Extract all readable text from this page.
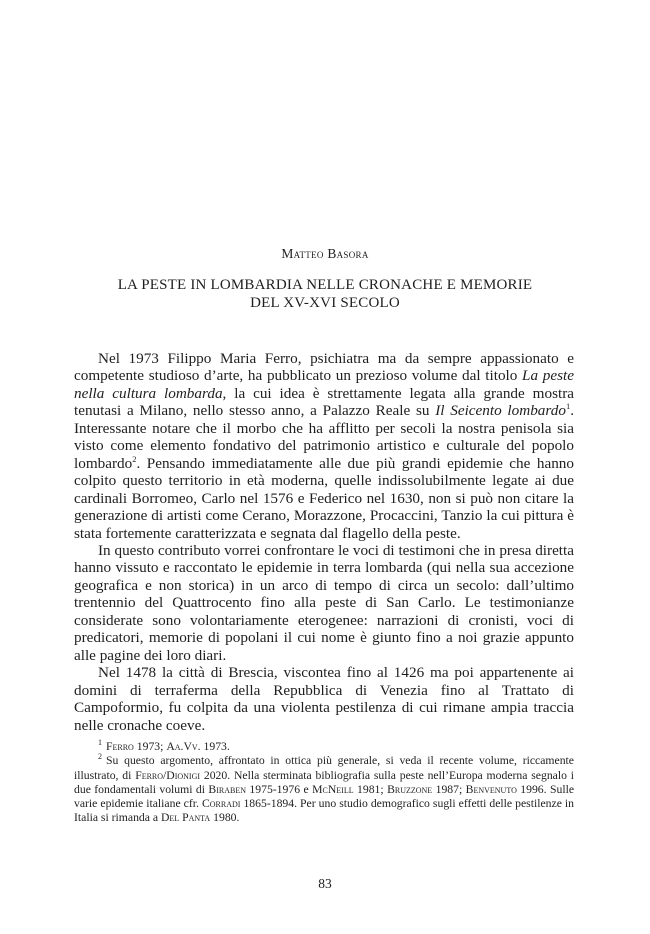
Matteo Basora
LA PESTE IN LOMBARDIA NELLE CRONACHE E MEMORIE
DEL XV-XVI SECOLO

Nel 1973 Filippo Maria Ferro, psichiatra ma da sempre appassionato e competente studioso d’arte, ha pubblicato un prezioso volume dal titolo La peste nella cultura lombarda, la cui idea è strettamente legata alla grande mostra tenutasi a Milano, nello stesso anno, a Palazzo Reale su Il Seicento lombardo$^1$. Interessante notare che il morbo che ha afflitto per secoli la nostra penisola sia visto come elemento fondativo del patrimonio artistico e culturale del popolo lombardo$^2$. Pensando immediatamente alle due più grandi epidemie che hanno colpito questo territorio in età moderna, quelle indissolubilmente legate ai due cardinali Borromeo, Carlo nel 1576 e Federico nel 1630, non si può non citare la generazione di artisti come Cerano, Morazzone, Procaccini, Tanzio la cui pittura è stata fortemente caratterizzata e segnata dal flagello della peste.

In questo contributo vorrei confrontare le voci di testimoni che in presa diretta hanno vissuto e raccontato le epidemie in terra lombarda (qui nella sua accezione geografica e non storica) in un arco di tempo di circa un secolo: dall’ultimo trentennio del Quattrocento fino alla peste di San Carlo. Le testimonianze considerate sono volontariamente eterogenee: narrazioni di cronisti, voci di predicatori, memorie di popolani il cui nome è giunto fino a noi grazie appunto alle pagine dei loro diari.

Nel 1478 la città di Brescia, visconteа fino al 1426 ma poi appartenente ai domini di terraferma della Repubblica di Venezia fino al Trattato di Campoformio, fu colpita da una violenta pestilenza di cui rimane ampia traccia nelle cronache coeve.

$^1$ Ferro 1973; Aa.Vv. 1973.

$^2$ Su questo argomento, affrontato in ottica più generale, si veda il recente volume, riccamente illustrato, di Ferro/Dionigi 2020. Nella sterminata bibliografia sulla peste nell’Europa moderna segnalo i due fondamentali volumi di Biraben 1975-1976 e McNeill 1981; Bruzzone 1987; Benvenuto 1996. Sulle varie epidemie italiane cfr. Corradi 1865-1894. Per uno studio demografico sugli effetti delle pestilenze in Italia si rimanda a Del Panta 1980.

83
